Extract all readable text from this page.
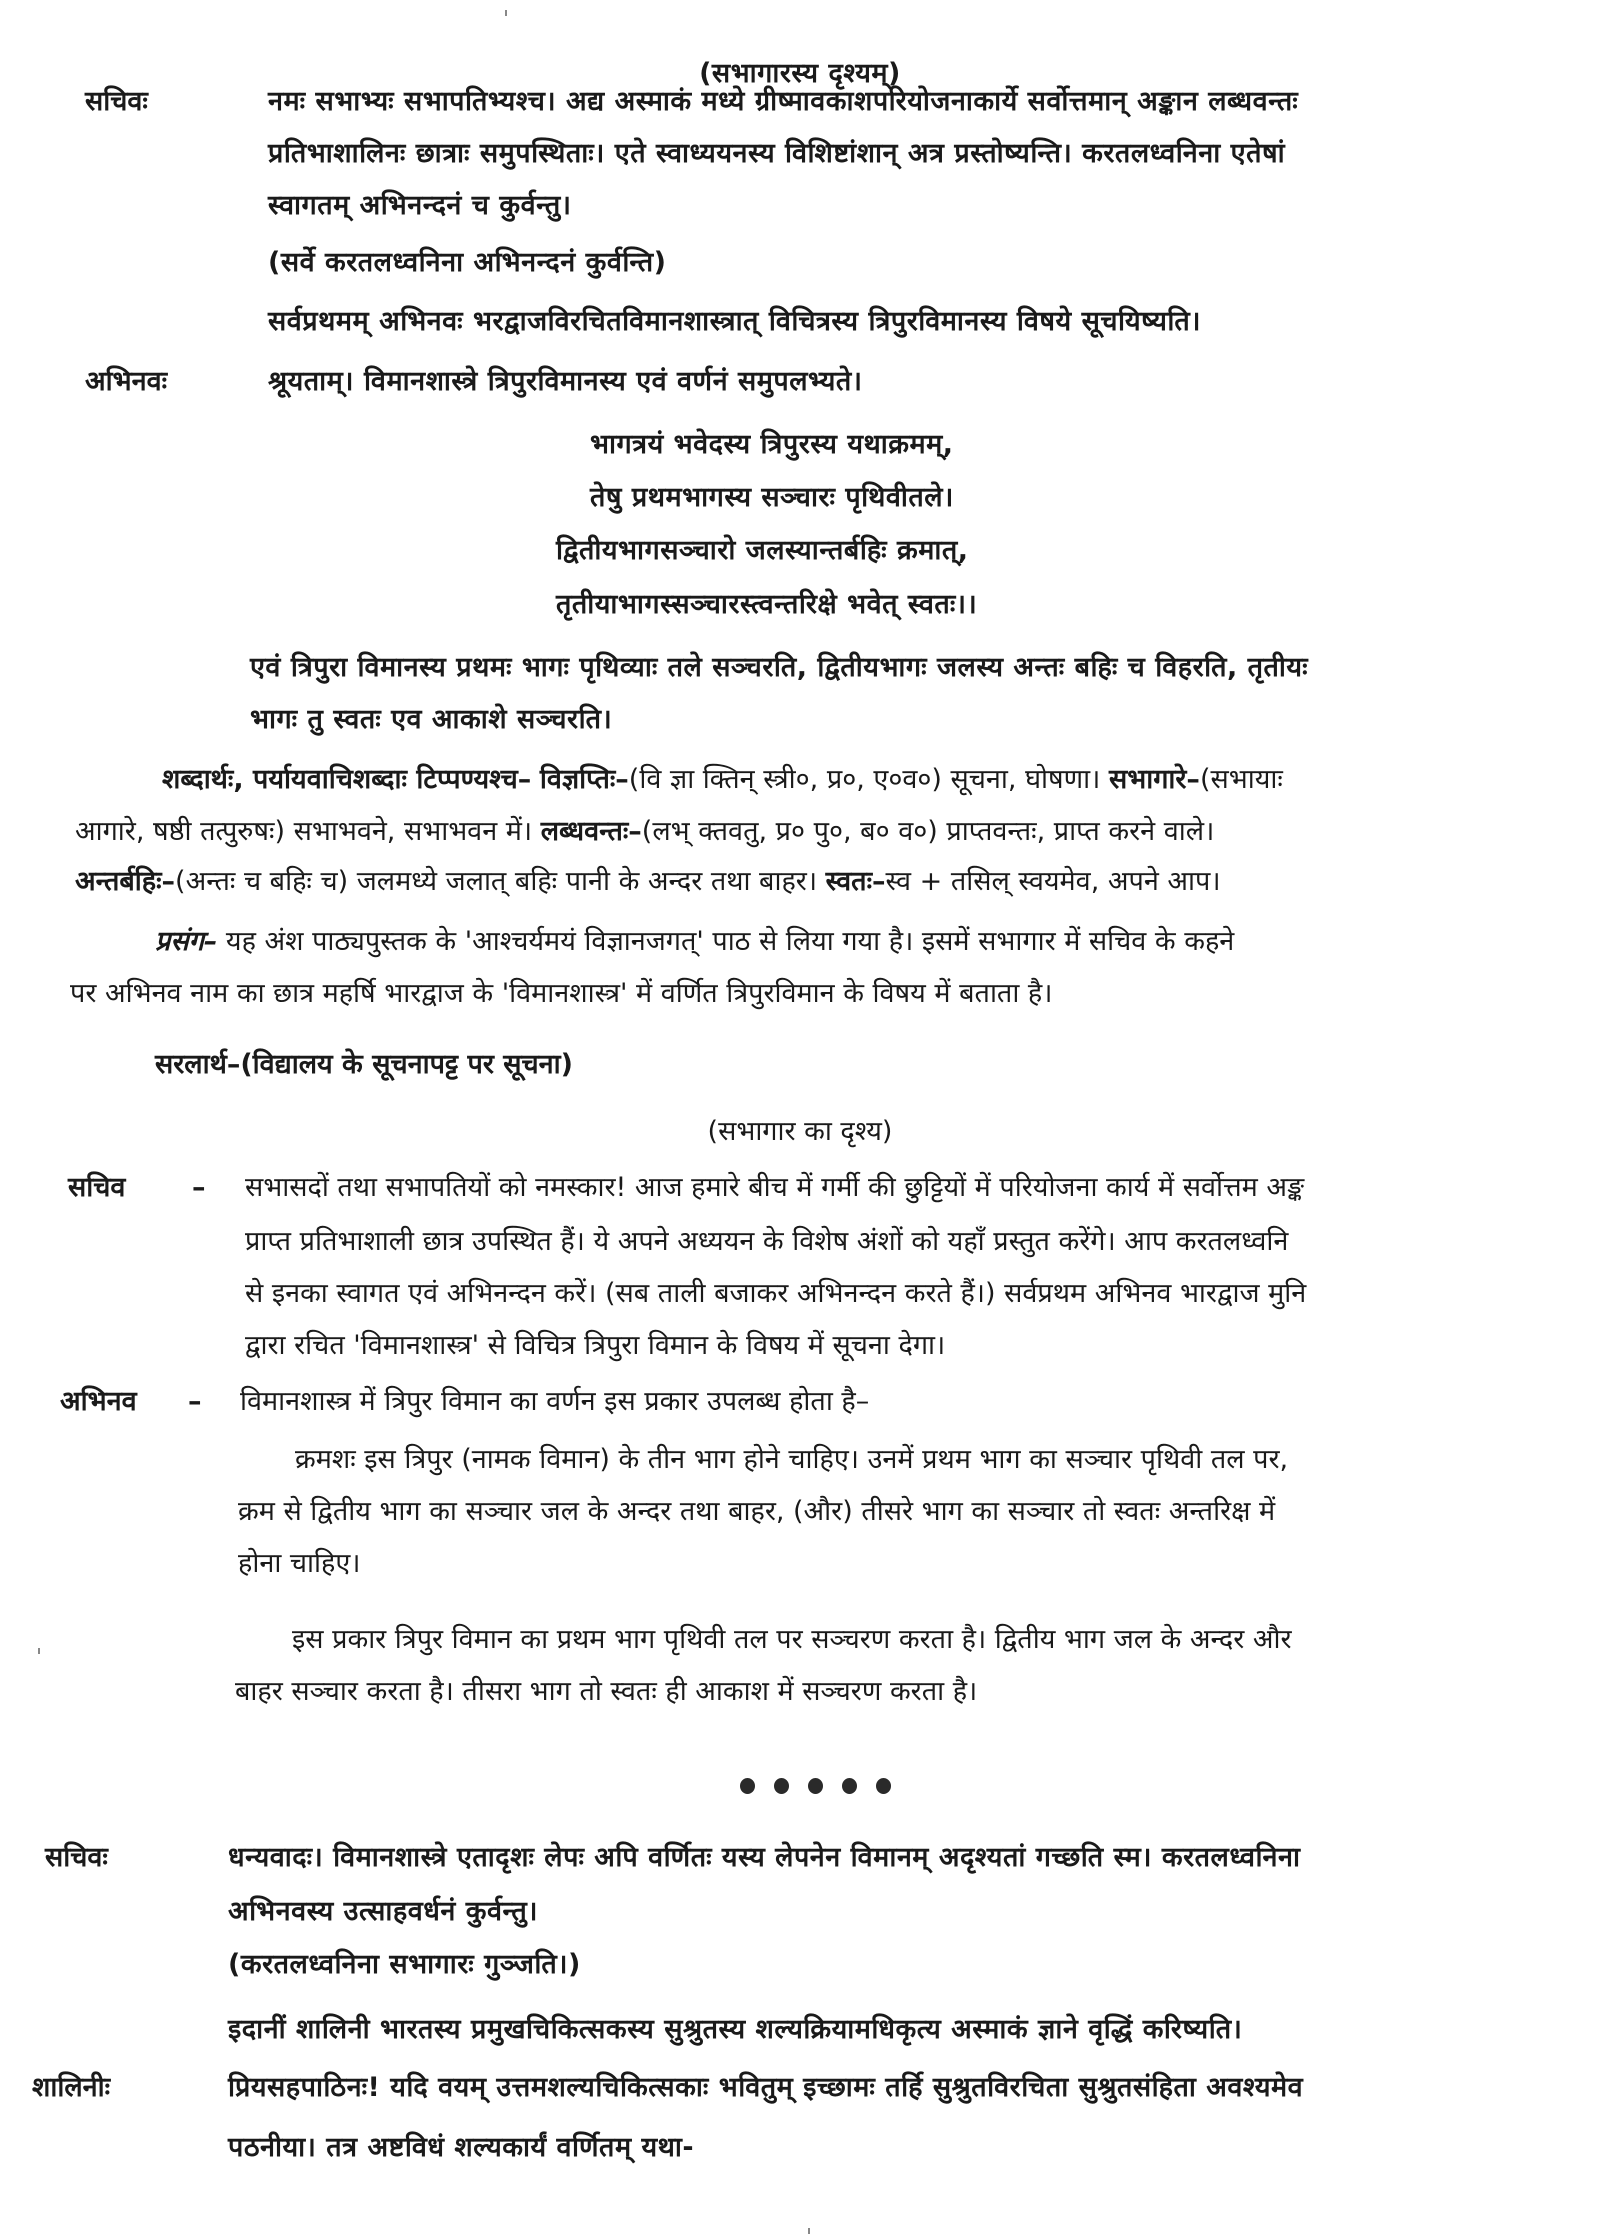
(सभागारस्य दृश्यम्)
सचिवः	नमः सभाभ्यः सभापतिभ्यश्च। अद्य अस्माकं मध्ये ग्रीष्मावकाशपरियोजनाकार्ये सर्वोत्तमान् अङ्कान लब्धवन्तः
प्रतिभाशालिनः छात्राः समुपस्थिताः। एते स्वाध्ययनस्य विशिष्टांशान् अत्र प्रस्तोष्यन्ति। करतलध्वनिना एतेषां
स्वागतम् अभिनन्दनं च कुर्वन्तु।
(सर्वे करतलध्वनिना अभिनन्दनं कुर्वन्ति)
सर्वप्रथमम् अभिनवः भरद्वाजविरचितविमानशास्त्रात् विचित्रस्य त्रिपुरविमानस्य विषये सूचयिष्यति।
अभिनवः	श्रूयताम्। विमानशास्त्रे त्रिपुरविमानस्य एवं वर्णनं समुपलभ्यते।
भागत्रयं भवेदस्य त्रिपुरस्य यथाक्रमम्,
तेषु प्रथमभागस्य सञ्चारः पृथिवीतले।
द्वितीयभागसञ्चारो जलस्यान्तर्बहिः क्रमात्,
तृतीयाभागस्सञ्चारस्त्वन्तरिक्षे भवेत् स्वतः।।
एवं त्रिपुरा विमानस्य प्रथमः भागः पृथिव्याः तले सञ्चरति, द्वितीयभागः जलस्य अन्तः बहिः च विहरति, तृतीयः
भागः तु स्वतः एव आकाशे सञ्चरति।
शब्दार्थः, पर्यायवाचिशब्दाः टिप्पण्यश्च– विज्ञप्तिः–(वि ज्ञा क्तिन् स्त्री०, प्र०, ए०व०) सूचना, घोषणा। सभागारे–(सभायाः
आगारे, षष्ठी तत्पुरुषः) सभाभवने, सभाभवन में। लब्धवन्तः–(लभ् क्तवतु, प्र० पु०, ब० व०) प्राप्तवन्तः, प्राप्त करने वाले।
अन्तर्बहिः–(अन्तः च बहिः च) जलमध्ये जलात् बहिः पानी के अन्दर तथा बाहर। स्वतः–स्व + तसिल् स्वयमेव, अपने आप।
प्रसंग– यह अंश पाठ्यपुस्तक के 'आश्चर्यमयं विज्ञानजगत्' पाठ से लिया गया है। इसमें सभागार में सचिव के कहने
पर अभिनव नाम का छात्र महर्षि भारद्वाज के 'विमानशास्त्र' में वर्णित त्रिपुरविमान के विषय में बताता है।
सरलार्थ–(विद्यालय के सूचनापट्ट पर सूचना)
(सभागार का दृश्य)
सचिव – सभासदों तथा सभापतियों को नमस्कार! आज हमारे बीच में गर्मी की छुट्टियों में परियोजना कार्य में सर्वोत्तम अङ्क
प्राप्त प्रतिभाशाली छात्र उपस्थित हैं। ये अपने अध्ययन के विशेष अंशों को यहाँ प्रस्तुत करेंगे। आप करतलध्वनि
से इनका स्वागत एवं अभिनन्दन करें। (सब ताली बजाकर अभिनन्दन करते हैं।) सर्वप्रथम अभिनव भारद्वाज मुनि
द्वारा रचित 'विमानशास्त्र' से विचित्र त्रिपुरा विमान के विषय में सूचना देगा।
अभिनव – विमानशास्त्र में त्रिपुर विमान का वर्णन इस प्रकार उपलब्ध होता है–
क्रमशः इस त्रिपुर (नामक विमान) के तीन भाग होने चाहिए। उनमें प्रथम भाग का सञ्चार पृथिवी तल पर,
क्रम से द्वितीय भाग का सञ्चार जल के अन्दर तथा बाहर, (और) तीसरे भाग का सञ्चार तो स्वतः अन्तरिक्ष में
होना चाहिए।
इस प्रकार त्रिपुर विमान का प्रथम भाग पृथिवी तल पर सञ्चरण करता है। द्वितीय भाग जल के अन्दर और
बाहर सञ्चार करता है। तीसरा भाग तो स्वतः ही आकाश में सञ्चरण करता है।
सचिवः	धन्यवादः। विमानशास्त्रे एतादृशः लेपः अपि वर्णितः यस्य लेपनेन विमानम् अदृश्यतां गच्छति स्म। करतलध्वनिना
अभिनवस्य उत्साहवर्धनं कुर्वन्तु।
(करतलध्वनिना सभागारः गुञ्जति।)
इदानीं शालिनी भारतस्य प्रमुखचिकित्सकस्य सुश्रुतस्य शल्यक्रियामधिकृत्य अस्माकं ज्ञाने वृद्धिं करिष्यति।
शालिनीः	प्रियसहपाठिनः! यदि वयम् उत्तमशल्यचिकित्सकाः भवितुम् इच्छामः तर्हि सुश्रुतविरचिता सुश्रुतसंहिता अवश्यमेव
पठनीया। तत्र अष्टविधं शल्यकार्यं वर्णितम् यथा-
